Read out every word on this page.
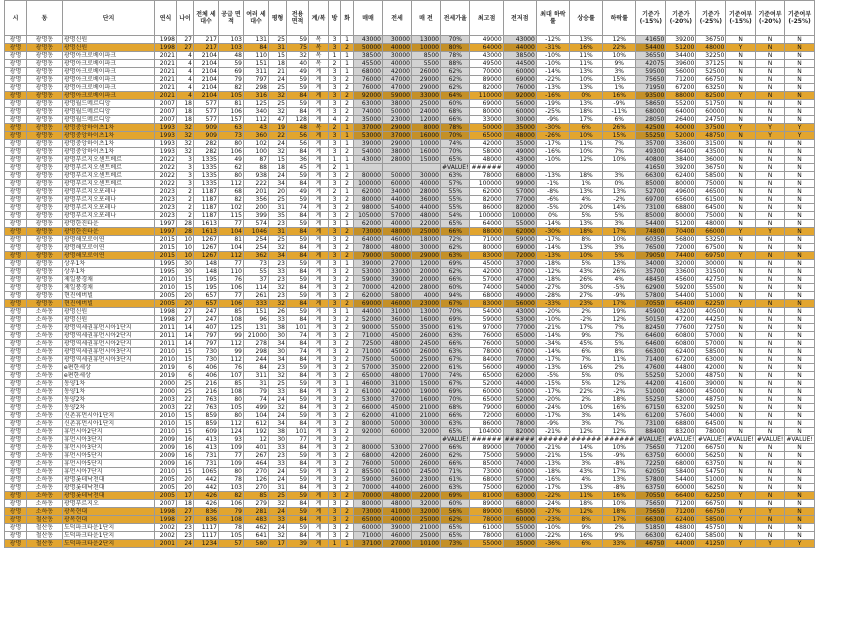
시	동	단지	연식	나이	전체 세대수	공급 면적	여러 세대수	평형	전용 면적	계/복	방	화	매매	전세	매 전	전세가율	최고점	전저점	최대 하락률	상승률	하락률	기준가 (-15%)	기준가 (-20%)	기준가 (-25%)	기준여부 (-15%)	기준여부 (-20%)	기준여부 (-25%)
광명	광명동	광명신원	1998	27	217	103	131	25	59	복	3	1	43000	30000	13000	70%	49000	43000	-12%	13%	12%	41650	39200	36750	N	N	N
광명	광명동	광명신원	1998	27	217	103	84	31	75	복	3	2	50000	40000	10000	80%	64000	44000	-31%	16%	22%	54400	51200	48000	Y	N	N
광명	광명동	광명아크로베이파크	2021	4	2104	48	110	15	32	복	1	1	38500	30000	8500	78%	43000	38500	-10%	11%	10%	36550	34400	32250	N	N	N
광명	광명동	광명아크로베이파크	2021	4	2104	59	151	18	40	복	2	1	45500	40000	5500	88%	49500	44500	-10%	11%	9%	42075	39600	37125	N	N	N
광명	광명동	광명아크로베이파크	2021	4	2104	69	311	21	49	계	3	1	68000	42000	26000	62%	70000	60000	-14%	13%	3%	59500	56000	52500	N	N	N
광명	광명동	광명아크로베이파크	2021	4	2104	79	797	24	59	계	3	2	76000	47000	29000	62%	89000	69000	-22%	10%	15%	75650	71200	66750	N	N	N
광명	광명동	광명아크로베이파크	2021	4	2104	82	298	25	59	계	3	2	76000	47000	29000	62%	82000	76000	-13%	13%	1%	71950	67200	63250	N	N	N
광명	광명동	광명아크로베이파크	2021	4	2104	105	316	32	84	계	3	2	92000	59000	33000	64%	110000	92000	-16%	0%	16%	93500	88000	82500	Y	N	N
광명	광명동	광명월드메르디앙	2007	18	577	81	125	25	59	계	3	2	63000	38000	25000	60%	69000	56000	-19%	13%	-9%	58650	55200	51750	N	N	N
광명	광명동	광명월드메르디앙	2007	18	577	106	340	32	84	계	3	2	74000	50000	24000	68%	80000	60000	-25%	18%	-11%	68000	64000	60000	N	N	N
광명	광명동	광명월드메르디앙	2007	18	577	157	112	47	128	계	4	2	35000	23000	12000	66%	33000	30000	-9%	17%	6%	28050	26400	24750	N	N	N
광명	광명동	광명중앙하이츠1차	1993	32	909	63	43	19	48	복	2	1	37000	29000	8000	78%	50000	35000	-30%	6%	26%	42500	40000	37500	Y	Y	Y
광명	광명동	광명중앙하이츠1차	1993	32	909	73	360	22	56	계	3	1	53000	37000	16000	70%	65000	48000	-26%	10%	15%	55250	52000	48750	N	Y	Y
광명	광명동	광명중앙하이츠1차	1993	32	282	80	102	24	56	계	3	1	39000	29000	10000	74%	42000	35000	-17%	11%	7%	35700	33600	31500	N	N	N
광명	광명동	광명중앙하이츠1차	1993	32	282	106	100	32	84	계	3	2	54000	38000	16000	70%	58000	49000	-16%	10%	7%	49300	46400	43500	N	N	N
광명	광명동	광명푸르지오센트베르	2022	3	1335	49	87	15	36	계	1	1	43000	28000	15000	65%	48000	43000	-10%	12%	10%	40800	38400	36000	N	N	N
광명	광명동	광명푸르지오센트베르	2022	3	1335	62	88	18	45	계	2	1				#VALUE!	######	49000				41650	39200	36750	N	N	N
광명	광명동	광명푸르지오센트베르	2022	3	1335	80	938	24	59	계	3	2	80000	50000	30000	63%	78000	68000	-13%	18%	3%	66300	62400	58500	N	N	N
광명	광명동	광명푸르지오센트베르	2022	3	1335	112	222	34	84	계	3	2	100000	60000	40000	57%	100000	99000	-1%	1%	0%	85000	80000	75000	N	N	N
광명	광명동	광명푸르지오포레나	2023	2	1187	68	201	20	49	계	2	1	62000	34000	28000	55%	62000	57000	-8%	13%	13%	52700	49600	46500	N	N	N
광명	광명동	광명푸르지오포레나	2023	2	1187	82	356	25	59	계	3	2	80000	44000	36000	55%	82000	77000	-6%	4%	-2%	69700	65600	61500	N	N	N
광명	광명동	광명푸르지오포레나	2023	2	1187	102	200	31	74	계	3	2	98000	54000	44000	55%	86000	82000	-5%	20%	14%	73100	68800	64500	N	N	N
광명	광명동	광명푸르지오포레나	2023	2	1187	115	399	35	84	계	3	2	105000	57000	48000	54%	100000	100000	0%	5%	5%	85000	80000	75000	N	N	N
광명	광명동	광명한진타운	1997	28	1613	77	574	23	59	계	3	1	62000	40000	22000	65%	64000	55000	-14%	13%	3%	54400	51200	48000	N	N	N
광명	광명동	광명한진타운	1997	28	1613	104	1046	31	84	계	3	2	73000	48000	25000	66%	88000	62000	-30%	18%	17%	74800	70400	66000	Y	Y	N
광명	광명동	광명해모로이연	2015	10	1267	81	254	25	59	계	3	2	64000	46000	18000	72%	71000	59000	-17%	8%	10%	60350	56800	53250	N	N	N
광명	광명동	광명해모로이연	2015	10	1267	104	254	32	84	계	3	2	78000	48000	30000	62%	80000	69000	-14%	13%	3%	76500	72000	67500	N	N	N
광명	광명동	광명해모로이연	2015	10	1267	112	362	34	84	계	3	2	79000	50000	29000	63%	83000	72000	-13%	10%	5%	79050	74400	69750	Y	N	N
광명	광명동	상우1차	1995	30	148	77	73	23	59	계	3	1	39000	27000	12000	69%	45000	37000	-18%	5%	13%	34000	32000	30000	N	N	N
광명	광명동	상우1차	1995	30	148	110	55	33	84	계	3	2	53000	33000	20000	62%	42000	37000	-12%	43%	26%	35700	33600	31500	N	N	N
광명	광명동	제일풍경채	2010	15	195	76	37	23	59	계	3	2	59000	39000	20000	66%	57000	47000	-18%	26%	4%	48450	45600	42750	N	N	N
광명	광명동	제일풍경채	2010	15	195	106	114	32	84	계	3	2	70000	42000	28000	60%	74000	54000	-27%	30%	-5%	62900	59200	55500	N	N	N
광명	광명동	현진에버빌	2005	20	657	77	261	23	59	계	3	2	62000	58000	4000	94%	68000	49000	-28%	27%	-9%	57800	54400	51000	N	N	N
광명	광명동	현진에버빌	2005	20	657	106	333	32	84	계	3	2	69000	46000	23000	67%	83000	56000	-33%	23%	17%	70550	66400	62250	Y	N	N
광명	소하동	광명신원	1998	27	247	85	151	26	59	계	3	1	44000	31000	13000	70%	54000	43000	-20%	2%	19%	45900	43200	40500	N	N	N
광명	소하동	광명신원	1998	27	247	108	96	33	84	계	3	2	52000	36000	16000	69%	59000	53000	-10%	-2%	12%	50150	47200	44250	N	N	N
광명	소하동	광명역세권휴먼시아1단지	2011	14	407	125	131	38	101	계	3	2	90000	55000	35000	61%	97000	77000	-21%	17%	7%	82450	77600	72750	N	N	N
광명	소하동	광명역세권휴먼시아2단지	2011	14	797	99	21000	30	74	계	3	2	71000	45000	26000	63%	76000	65000	-14%	9%	7%	64600	60800	57000	N	N	N
광명	소하동	광명역세권휴먼시아2단지	2011	14	797	112	278	34	84	계	3	2	72500	48000	24500	66%	76000	50000	-34%	45%	5%	64600	60800	57000	N	N	N
광명	소하동	광명역세권휴먼시아3단지	2010	15	730	99	298	30	74	계	3	2	71000	45000	26000	63%	78000	67000	-14%	6%	8%	66300	62400	58500	N	N	N
광명	소하동	광명역세권휴먼시아3단지	2010	15	730	112	244	34	84	계	3	2	75000	50000	25000	67%	84000	70000	-17%	7%	11%	71400	67200	63000	N	N	N
광명	소하동	e편한세상	2019	6	406	76	84	23	59	계	3	2	57000	35000	22000	61%	56000	49000	-13%	16%	2%	47600	44800	42000	N	N	N
광명	소하동	e편한세상	2019	6	406	107	311	32	84	계	3	2	65000	48000	17000	74%	65000	62000	-5%	5%	0%	55250	52000	48750	N	N	N
광명	소하동	동양1차	2000	25	216	85	31	25	59	계	3	1	46000	31000	15000	67%	52000	44000	-15%	5%	12%	44200	41600	39000	N	N	N
광명	소하동	동양1차	2000	25	216	108	79	33	84	계	3	2	61000	42000	19000	69%	60000	50000	-17%	22%	-2%	51000	48000	45000	N	N	N
광명	소하동	동양2차	2003	22	763	80	74	24	59	계	3	2	53000	37000	16000	70%	65000	52000	-20%	2%	18%	55250	52000	48750	N	N	N
광명	소하동	동양2차	2003	22	763	105	499	32	84	계	3	2	66000	45000	21000	68%	79000	60000	-24%	10%	16%	67150	63200	59250	N	N	N
광명	소하동	신촌휴먼시아1단지	2010	15	859	80	104	24	59	계	3	2	62000	41000	21000	66%	72000	60000	-17%	3%	14%	61200	57600	54000	N	N	N
광명	소하동	신촌휴먼시아1단지	2010	15	859	112	612	34	84	계	3	2	80000	50000	30000	63%	86000	78000	-9%	3%	7%	73100	68800	64500	N	N	N
광명	소하동	휴먼시아2단지	2010	15	609	124	192	38	101	계	3	2	92000	60000	32000	65%	104000	82000	-21%	12%	12%	88400	83200	78000	N	N	N
광명	소하동	휴먼시아3단지	2009	16	413	93	12	30	77	계	3	2				#VALUE!	######	######	######	######	######	#VALUE!	#VALUE!	#VALUE!	#VALUE!	#VALUE!	#VALUE!
광명	소하동	휴먼시아3단지	2009	16	413	109	401	33	84	계	3	2	80000	53000	27000	66%	89000	70000	-21%	14%	10%	75650	71200	66750	N	N	N
광명	소하동	휴먼시아5단지	2009	16	731	77	267	23	59	계	3	2	68000	42000	26000	62%	75000	59000	-21%	15%	-9%	63750	60000	56250	N	N	N
광명	소하동	휴먼시아5단지	2009	16	731	109	464	33	84	계	3	2	76000	50000	26000	66%	85000	74000	-13%	3%	-8%	72250	68000	63750	N	N	N
광명	소하동	휴먼시아7단지	2010	15	1065	80	270	24	59	계	3	2	85500	61000	24500	71%	73000	60000	-18%	43%	17%	62050	58400	54750	N	N	N
광명	소하동	광명롯데낙천대	2005	20	442	78	126	24	59	계	3	2	59000	36000	23000	61%	68000	57000	-16%	4%	13%	57800	54400	51000	N	N	N
광명	소하동	광명롯데낙천대	2005	20	442	103	270	31	84	계	3	2	70000	44000	26000	63%	75000	62000	-17%	13%	-8%	63750	60000	56250	N	N	N
광명	소하동	광명롯데낙천대	2005	17	426	82	85	25	59	계	3	2	70000	48000	22000	69%	81000	63000	-22%	11%	16%	70550	66400	62250	Y	N	N
광명	소하동	광명푸르지오	2007	18	426	106	279	32	84	계	3	2	80000	48000	32000	60%	89000	68000	-24%	18%	10%	75650	71200	66750	N	N	N
광명	소하동	광복현대	1998	27	836	79	281	24	59	계	3	2	73000	41000	32000	56%	89000	65000	-27%	12%	18%	75650	71200	66750	Y	Y	N
광명	철산동	광복현대	1998	27	836	108	483	33	84	계	3	2	65000	40000	25000	62%	78000	60000	-23%	8%	17%	66300	62400	58500	Y	N	N
광명	철산동	도덕파크타운1단지	2002	23	1117	78	462	24	59	계	3	2	60000	39000	21000	65%	61000	55000	-10%	9%	2%	51850	48800	45750	N	N	N
광명	철산동	도덕파크타운1단지	2002	23	1117	105	641	32	84	계	3	2	71000	46000	25000	65%	78000	61000	-22%	16%	9%	66300	62400	58500	N	N	N
광명	철산동	도덕파크타운2단지	2001	24	1234	57	580	17	39	계	1	1	37100	27000	10100	73%	55000	35000	-36%	6%	33%	46750	44000	41250	Y	Y	Y
